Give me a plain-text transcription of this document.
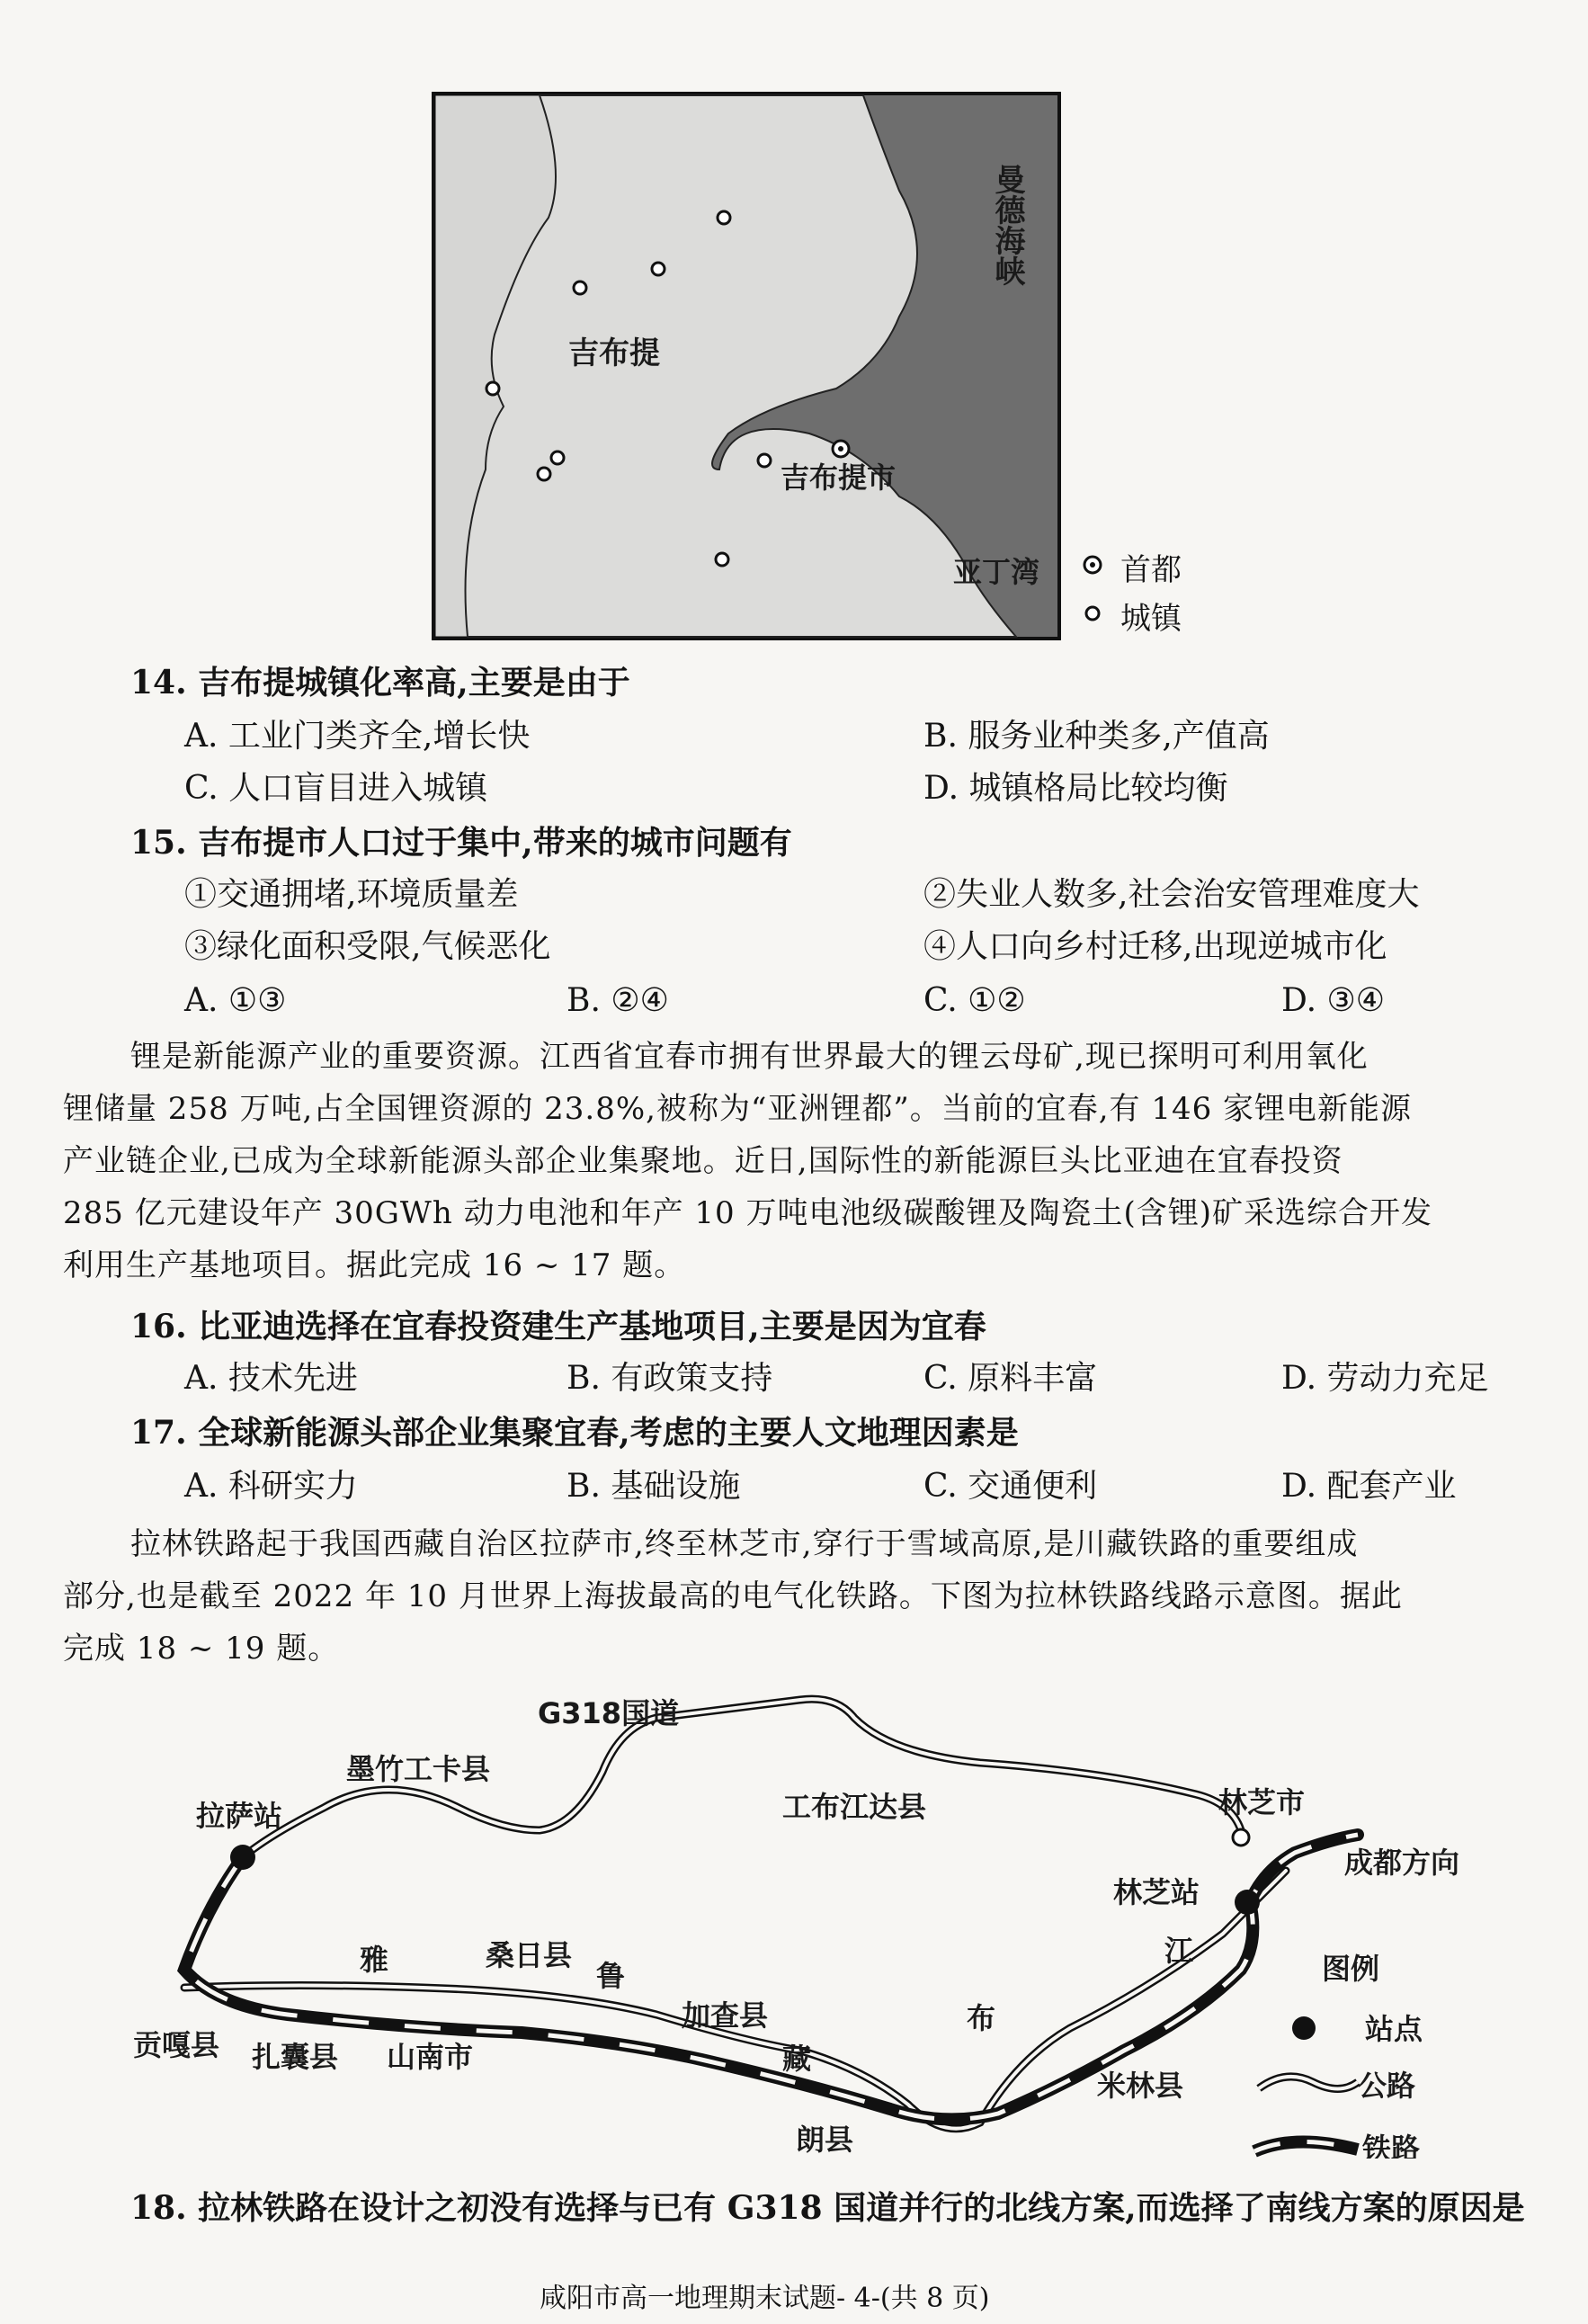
吉布提
吉布提市
亚丁湾
曼德海峡
首都
城镇
14. 吉布提城镇化率高,主要是由于
A. 工业门类齐全,增长快	B. 服务业种类多,产值高
C. 人口盲目进入城镇	D. 城镇格局比较均衡
15. 吉布提市人口过于集中,带来的城市问题有
①交通拥堵,环境质量差	②失业人数多,社会治安管理难度大
③绿化面积受限,气候恶化	④人口向乡村迁移,出现逆城市化
A. ①③	B. ②④	C. ①②	D. ③④
锂是新能源产业的重要资源。江西省宜春市拥有世界最大的锂云母矿,现已探明可利用氧化
锂储量 258 万吨,占全国锂资源的 23.8%,被称为“亚洲锂都”。当前的宜春,有 146 家锂电新能源
产业链企业,已成为全球新能源头部企业集聚地。近日,国际性的新能源巨头比亚迪在宜春投资
285 亿元建设年产 30GWh 动力电池和年产 10 万吨电池级碳酸锂及陶瓷土(含锂)矿采选综合开发
利用生产基地项目。据此完成 16 ~ 17 题。
16. 比亚迪选择在宜春投资建生产基地项目,主要是因为宜春
A. 技术先进	B. 有政策支持	C. 原料丰富	D. 劳动力充足
17. 全球新能源头部企业集聚宜春,考虑的主要人文地理因素是
A. 科研实力	B. 基础设施	C. 交通便利	D. 配套产业
拉林铁路起于我国西藏自治区拉萨市,终至林芝市,穿行于雪域高原,是川藏铁路的重要组成
部分,也是截至 2022 年 10 月世界上海拔最高的电气化铁路。下图为拉林铁路线路示意图。据此
完成 18 ~ 19 题。
G318国道
墨竹工卡县
工布江达县
拉萨站	林芝市
成都方向
林芝站
雅	鲁
藏
布
江
桑日县
加查县
贡嘎县 扎囊县 山南市
朗县
米林县
图例
站点
公路
铁路
18. 拉林铁路在设计之初没有选择与已有 G318 国道并行的北线方案,而选择了南线方案的原因是
咸阳市高一地理期末试题- 4-(共 8 页)
